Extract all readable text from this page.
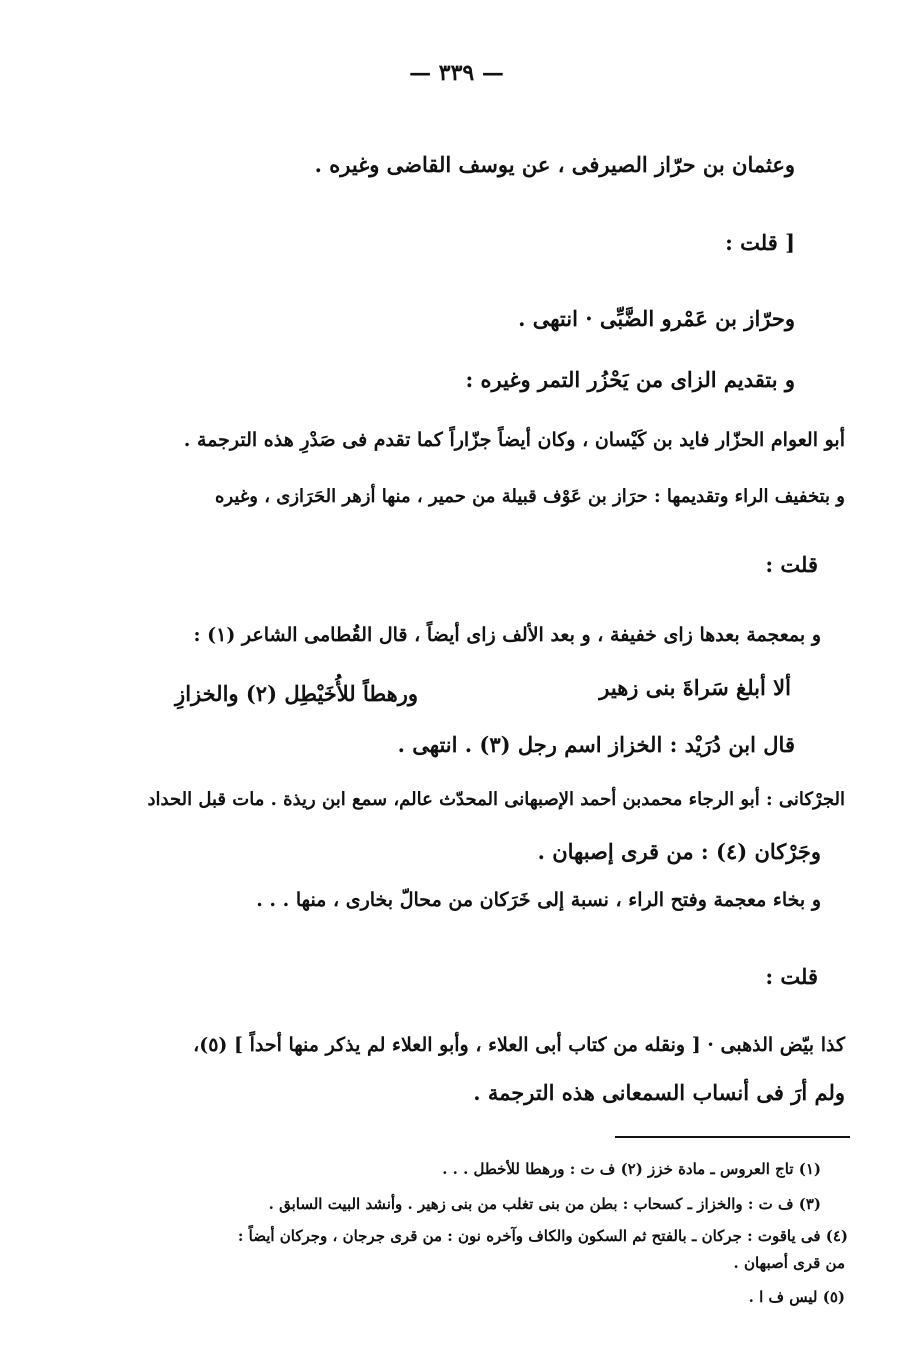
— ٣٣٩ —
وعثمان بن حرّاز الصيرفى ، عن يوسف القاضى وغيره .
[ قلت :
وحرّاز بن عَمْرو الضَّبِّى · انتهى .
و بتقديم الزاى من يَحْزُر التمر وغيره :
أبو العوام الحزّار فايد بن كَيْسان ، وكان أيضاً جزّاراً كما تقدم فى صَدْرِ هذه الترجمة .
و بتخفيف الراء وتقديمها : حرَاز بن عَوْف قبيلة من حمير ، منها أزهر الحَرَازى ، وغيره
قلت :
و بمعجمة بعدها زاى خفيفة ، و بعد الألف زاى أيضاً ، قال القُطامى الشاعر (١) :
ألا أبلغ سَراةَ بنى زهير
ورهطاً للأُخَيْطِل (٢) والخزازِ
قال ابن دُرَيْد : الخزاز اسم رجل (٣) . انتهى .
الجرْكانى : أبو الرجاء محمدبن أحمد الإصبهانى المحدّث عالم، سمع ابن ريذة . مات قبل الحداد
وجَرْكان (٤) : من قرى إصبهان .
و بخاء معجمة وفتح الراء ، نسبة إلى خَرَكان من محالّ بخارى ، منها . . .
قلت :
كذا بيّض الذهبى · [ ونقله من كتاب أبى العلاء ، وأبو العلاء لم يذكر منها أحداً ] (٥)،
ولم أرَ فى أنساب السمعانى هذه الترجمة .
(١) تاج العروس ـ مادة خزز (٢) ف ت : ورهطا للأخطل . . .
(٣) ف ت : والخزاز ـ كسحاب : بطن من بنى تغلب من بنى زهير . وأنشد البيت السابق .
(٤) فى ياقوت : جركان ـ بالفتح ثم السكون والكاف وآخره نون : من قرى جرجان ، وجركان أيضاً :
من قرى أصبهان .
(٥) ليس ف ا .
